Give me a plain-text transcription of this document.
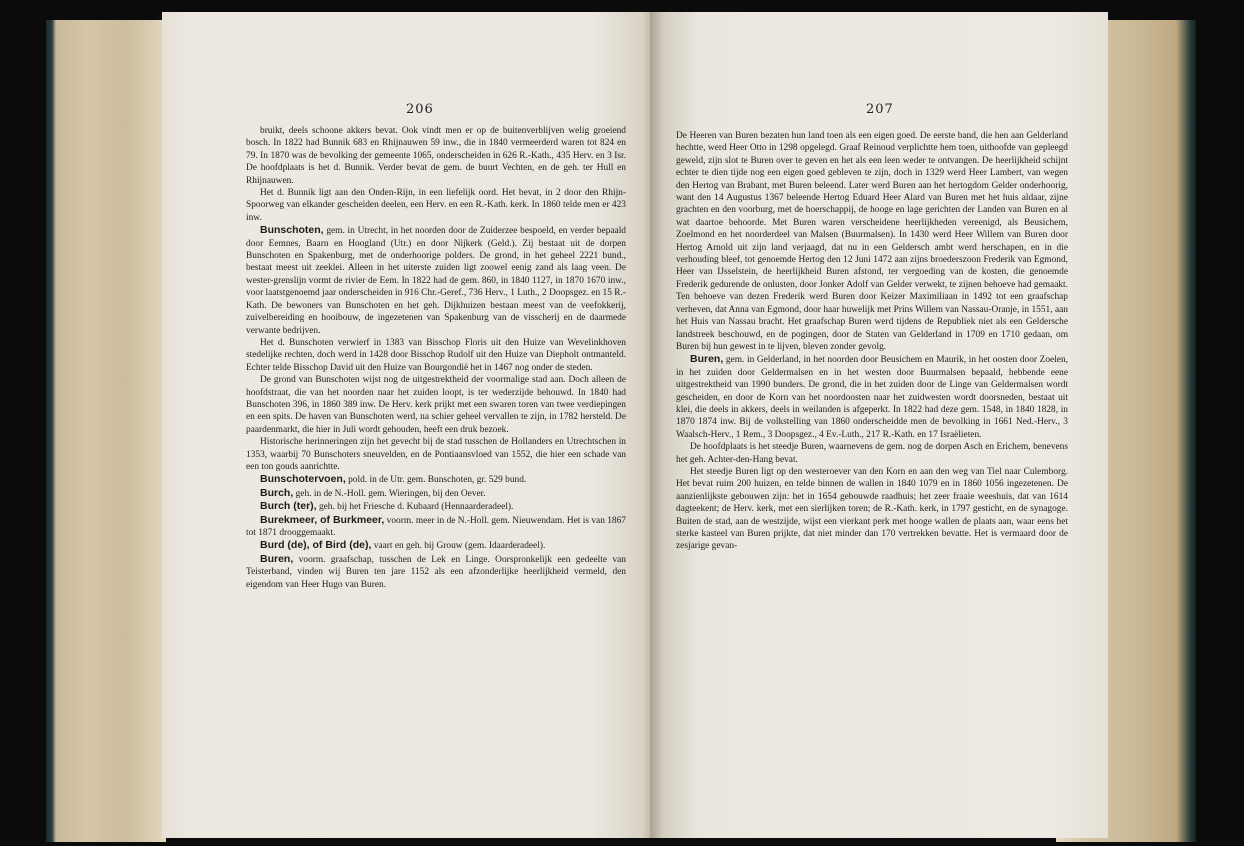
206

bruikt, deels schoone akkers bevat. Ook vindt men er op de buitenverblijven welig groeiend bosch. In 1822 had Bunnik 683 en Rhijnauwen 59 inw., die in 1840 vermeerderd waren tot 824 en 79. In 1870 was de bevolking der gemeente 1065, onderscheiden in 626 R.-Kath., 435 Herv. en 3 Isr. De hoofdplaats is het d. Bunnik. Verder bevat de gem. de buurt Vechten, en de geh. ter Hull en Rhijnauwen.

Het d. Bunnik ligt aan den Onden-Rijn, in een liefelijk oord. Het bevat, in 2 door den Rhijn-Spoorweg van elkander gescheiden deelen, een Herv. en een R.-Kath. kerk. In 1860 telde men er 423 inw.

Bunschoten, gem. in Utrecht, in het noorden door de Zuiderzee bespoeld, en verder bepaald door Eemnes, Baarn en Hoogland (Utr.) en door Nijkerk (Geld.). Zij bestaat uit de dorpen Bunschoten en Spakenburg, met de onderhoorige polders. De grond, in het geheel 2221 bund., bestaat meest uit zeeklei. Alleen in het uiterste zuiden ligt zoowel eenig zand als laag veen. De wester-grenslijn vormt de rivier de Eem. In 1822 had de gem. 860, in 1840 1127, in 1870 1670 inw., voor laatstgenoemd jaar onderscheiden in 916 Chr.-Geref., 736 Herv., 1 Luth., 2 Doopsgez. en 15 R.-Kath. De bewoners van Bunschoten en het geh. Dijkhuizen bestaan meest van de veefokkerij, zuivelbereiding en hooibouw, de ingezetenen van Spakenburg van de visscherij en de daarmede verwante bedrijven.

Het d. Bunschoten verwierf in 1383 van Bisschop Floris uit den Huize van Wevelinkhoven stedelijke rechten, doch werd in 1428 door Bisschop Rudolf uit den Huize van Diepholt ontmanteld. Echter telde Bisschop David uit den Huize van Bourgondië het in 1467 nog onder de steden.

De grond van Bunschoten wijst nog de uitgestrektheid der voormalige stad aan. Doch alleen de hoofdstraat, die van het noorden naar het zuiden loopt, is ter wederzijde behouwd. In 1840 had Bunschoten 396, in 1860 389 inw. De Herv. kerk prijkt met een swaren toren van twee verdiepingen en een spits. De haven van Bunschoten werd, na schier geheel vervallen te zijn, in 1782 hersteld. De paardenmarkt, die hier in Juli wordt gehouden, heeft een druk bezoek.

Historische herinneringen zijn het gevecht bij de stad tusschen de Hollanders en Utrechtschen in 1353, waarbij 70 Bunschoters sneuvelden, en de Pontiaansvloed van 1552, die hier een schade van een ton gouds aanrichtte.

Bunschotervoen, pold. in de Utr. gem. Bunschoten, gr. 529 bund.

Burch, geh. in de N.-Holl. gem. Wieringen, bij den Oever.

Burch (ter), geh. bij het Friesche d. Kubaard (Hennaarderadeel).

Burekmeer, of Burkmeer, voorm. meer in de N.-Holl. gem. Nieuwendam. Het is van 1867 tot 1871 drooggemaakt.

Burd (de), of Bird (de), vaart en geh. bij Grouw (gem. Idaarderadeel).

Buren, voorm. graafschap, tusschen de Lek en Linge. Oorspronkelijk een gedeelte van Teisterband, vinden wij Buren ten jare 1152 als een afzonderlijke heerlijkheid vermeld, den eigendom van Heer Hugo van Buren.

207

De Heeren van Buren bezaten hun land toen als een eigen goed. De eerste band, die hen aan Gelderland hechtte, werd Heer Otto in 1298 opgelegd. Graaf Reinoud verplichtte hem toen, uithoofde van gepleegd geweld, zijn slot te Buren over te geven en het als een leen weder te ontvangen. De heerlijkheid schijnt echter te dien tijde nog een eigen goed gebleven te zijn, doch in 1329 werd Heer Lambert, van wegen den Hertog van Brabant, met Buren beleend. Later werd Buren aan het hertogdom Gelder onderhoorig, want den 14 Augustus 1367 beleende Hertog Eduard Heer Alard van Buren met het huis aldaar, zijne grachten en den voorburg, met de hoerschappij, de hooge en lage gerichten der Landen van Buren en al wat daartoe behoorde. Met Buren waren verscheidene heerlijkheden vereenigd, als Beusichem, Zoelmond en het noorderdeel van Malsen (Buurmalsen). In 1430 werd Heer Willem van Buren door Hertog Arnold uit zijn land verjaagd, dat nu in een Geldersch ambt werd herschapen, en in die verhouding bleef, tot genoemde Hertog den 12 Juni 1472 aan zijns broederszoon Frederik van Egmond, Heer van IJsselstein, de heerlijkheid Buren afstond, ter vergoeding van de kosten, die genoemde Frederik gedurende de onlusten, door Jonker Adolf van Gelder verwekt, te zijnen behoeve had gemaakt. Ten behoeve van dezen Frederik werd Buren door Keizer Maximiliaan in 1492 tot een graafschap verheven, dat Anna van Egmond, door haar huwelijk met Prins Willem van Nassau-Oranje, in 1551, aan het Huis van Nassau bracht. Het graafschap Buren werd tijdens de Republiek niet als een Geldersche landstreek beschouwd, en de pogingen, door de Staten van Gelderland in 1709 en 1710 gedaan, om Buren bij hun gewest in te lijven, bleven zonder gevolg.

Buren, gem. in Gelderland, in het noorden door Beusichem en Maurik, in het oosten door Zoelen, in het zuiden door Geldermalsen en in het westen door Buurmalsen bepaald, hebbende eene uitgestrektheid van 1990 bunders. De grond, die in het zuiden door de Linge van Geldermalsen wordt gescheiden, en door de Korn van het noordoosten naar het zuidwesten wordt doorsneden, bestaat uit klei, die deels in akkers, deels in weilanden is afgeperkt. In 1822 had deze gem. 1548, in 1840 1828, in 1870 1874 inw. Bij de volkstelling van 1860 onderscheidde men de bevolking in 1661 Ned.-Herv., 3 Waalsch-Herv., 1 Rem., 3 Doopsgez., 4 Ev.-Luth., 217 R.-Kath. en 17 Israëlieten.

De hoofdplaats is het steedje Buren, waarnevens de gem. nog de dorpen Asch en Erichem, benevens het geh. Achter-den-Hang bevat.

Het steedje Buren ligt op den westeroever van den Korn en aan den weg van Tiel naar Culemborg. Het bevat ruim 200 huizen, en telde binnen de wallen in 1840 1079 en in 1860 1056 ingezetenen. De aanzienlijkste gebouwen zijn: het in 1654 gebouwde raadhuis; het zeer fraaie weeshuis, dat van 1614 dagteekent; de Herv. kerk, met een sierlijken toren; de R.-Kath. kerk, in 1797 gesticht, en de synagoge. Buiten de stad, aan de westzijde, wijst een vierkant perk met hooge wallen de plaats aan, waar eens het sterke kasteel van Buren prijkte, dat niet minder dan 170 vertrekken bevatte. Het is vermaard door de zesjarige gevan-
